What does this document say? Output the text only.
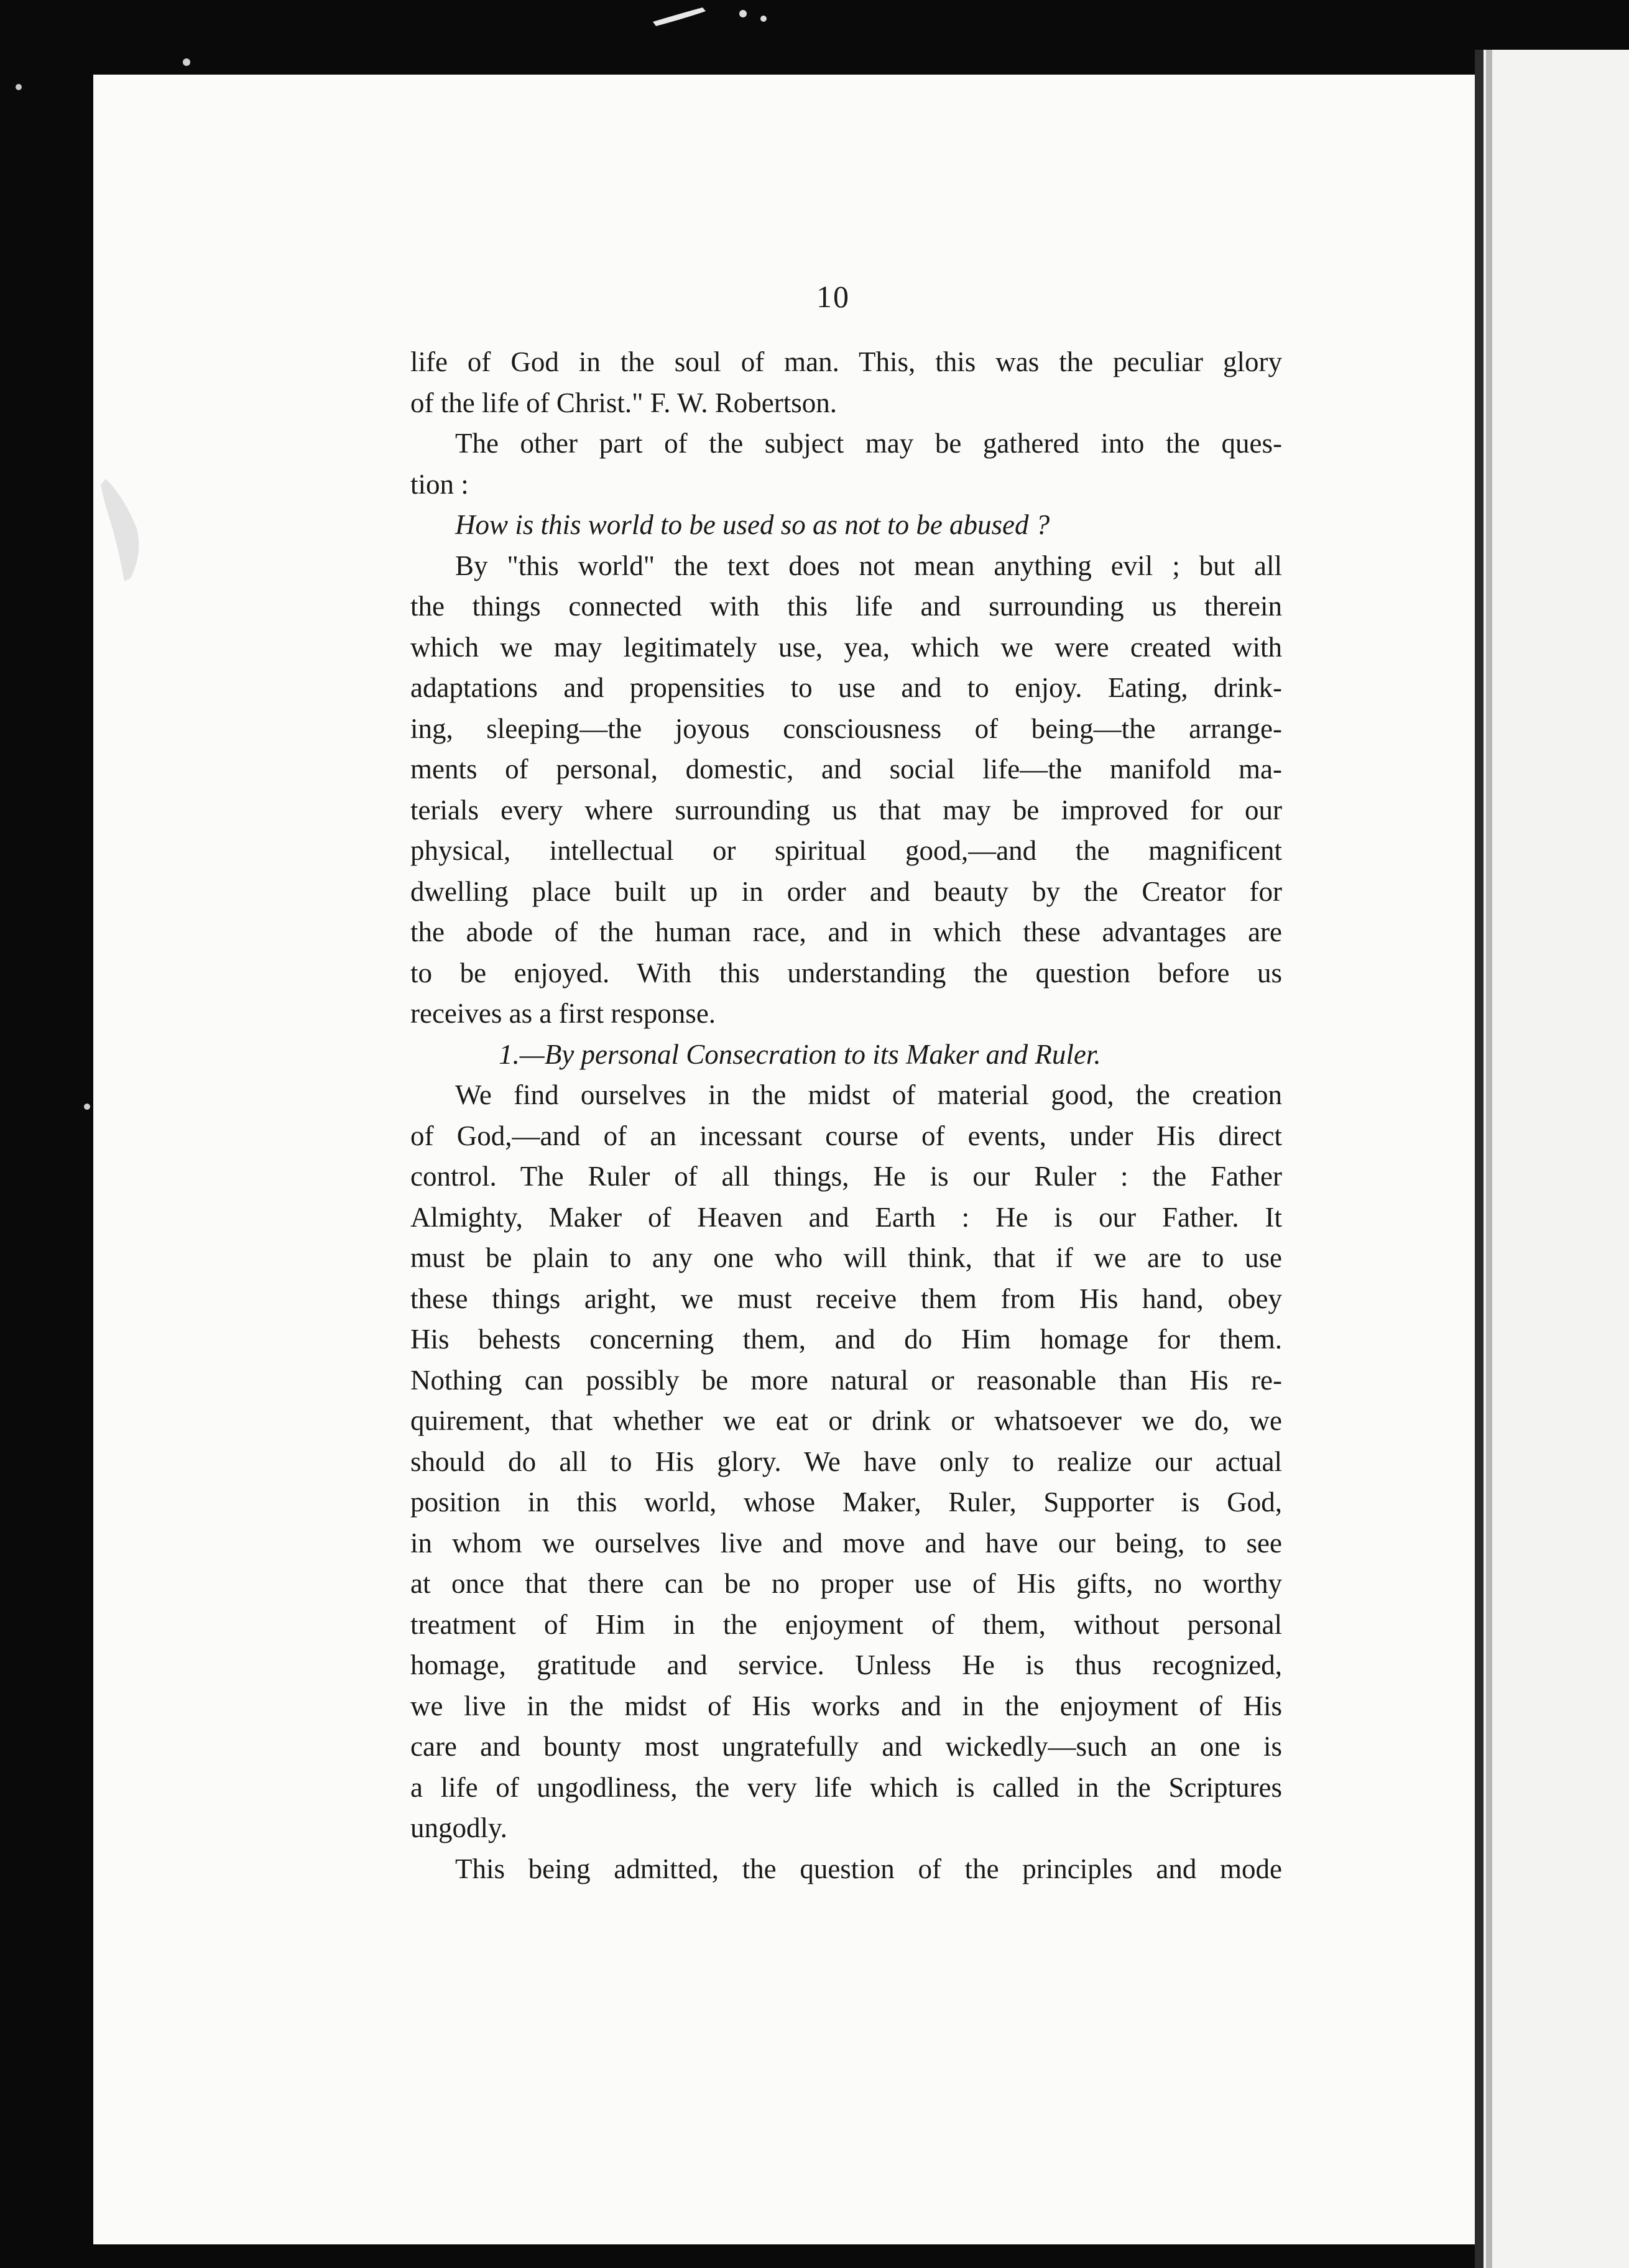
10
life of God in the soul of man. This, this was the peculiar glory
of the life of Christ." F. W. Robertson.
The other part of the subject may be gathered into the ques-
tion :
How is this world to be used so as not to be abused ?
By "this world" the text does not mean anything evil ; but all
the things connected with this life and surrounding us therein
which we may legitimately use, yea, which we were created with
adaptations and propensities to use and to enjoy. Eating, drink-
ing, sleeping—the joyous consciousness of being—the arrange-
ments of personal, domestic, and social life—the manifold ma-
terials every where surrounding us that may be improved for our
physical, intellectual or spiritual good,—and the magnificent
dwelling place built up in order and beauty by the Creator for
the abode of the human race, and in which these advantages are
to be enjoyed. With this understanding the question before us
receives as a first response.
1.—By personal Consecration to its Maker and Ruler.
We find ourselves in the midst of material good, the creation
of God,—and of an incessant course of events, under His direct
control. The Ruler of all things, He is our Ruler : the Father
Almighty, Maker of Heaven and Earth : He is our Father. It
must be plain to any one who will think, that if we are to use
these things aright, we must receive them from His hand, obey
His behests concerning them, and do Him homage for them.
Nothing can possibly be more natural or reasonable than His re-
quirement, that whether we eat or drink or whatsoever we do, we
should do all to His glory. We have only to realize our actual
position in this world, whose Maker, Ruler, Supporter is God,
in whom we ourselves live and move and have our being, to see
at once that there can be no proper use of His gifts, no worthy
treatment of Him in the enjoyment of them, without personal
homage, gratitude and service. Unless He is thus recognized,
we live in the midst of His works and in the enjoyment of His
care and bounty most ungratefully and wickedly—such an one is
a life of ungodliness, the very life which is called in the Scriptures
ungodly.
This being admitted, the question of the principles and mode
